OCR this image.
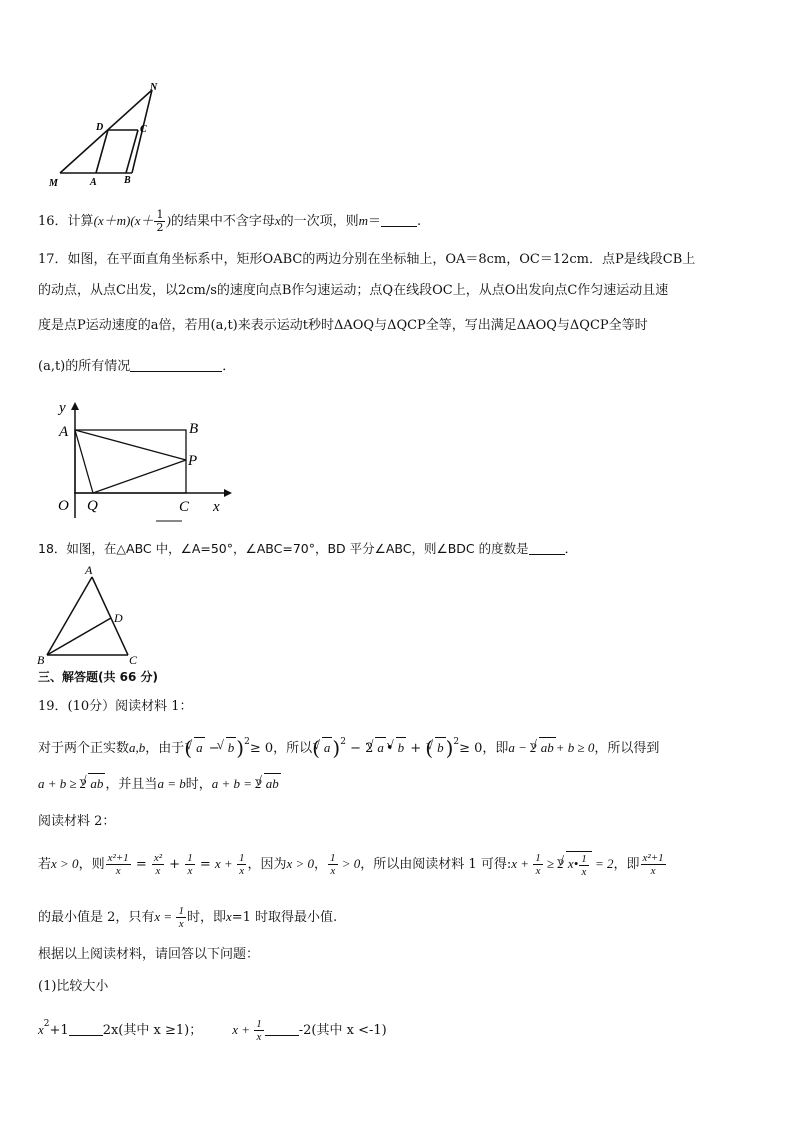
N
D	C
M	A	B
16．计算$(x+m)(x+ \frac{1}{2}$ )的结果中不含字母x的一次项，则m＝	.
17．如图，在平面直角坐标系中，矩形OABC的两边分别在坐标轴上，OA＝8cm，OC＝12cm．点P是线段CB上
的动点，从点C出发，以2cm/s的速度向点B作匀速运动；点Q在线段OC上，从点O出发向点C作匀速运动且速
度是点P运动速度的a倍，若用(a,t)来表示运动t秒时ΔAOQ与ΔQCP全等，写出满足ΔAOQ与ΔQCP全等时
(a,t)的所有情况	．
y
A	B
P
O Q	C x
18．如图，在△ABC 中，∠A=50°，∠ABC=70°，BD 平分∠ABC，则∠BDC 的度数是	．
A
D
B	C
三、解答题(共 66 分)
19．(10分）阅读材料 1：
对于两个正实数a,b，由于(√ a − √ b )$^2$≥ 0，所以(√ a )$^2$ − 2√ a •√ b + (√ b )$^2$≥ 0，即a − 2√ ab + b ≥ 0，所以得到
a + b ≥ 2√ ab ，并且当a = b时，a + b = 2√ ab
阅读材料 2：
若x > 0，则 $\frac{\text{x²+1}}{x} = \frac{\text{x²}}{x} + \frac{1}{x} = x + \frac{1}{x}$ ，因为x > 0， $\frac{1}{x} > 0$，所以由阅读材料 1 可得:x + $\frac{1}{x} \ge 2√$ x• $\frac{1}{x} = 2$，即 $\frac{\text{x²+1}}{x}$
的最小值是 2，只有$x = \frac{1}{x}$ 时，即x=1 时取得最小值.
根据以上阅读材料，请回答以下问题：
(1)比较大小
$x^2+1$	2x(其中 x ≥1)； $x + \frac{1}{x}$	-2(其中 x <-1)
